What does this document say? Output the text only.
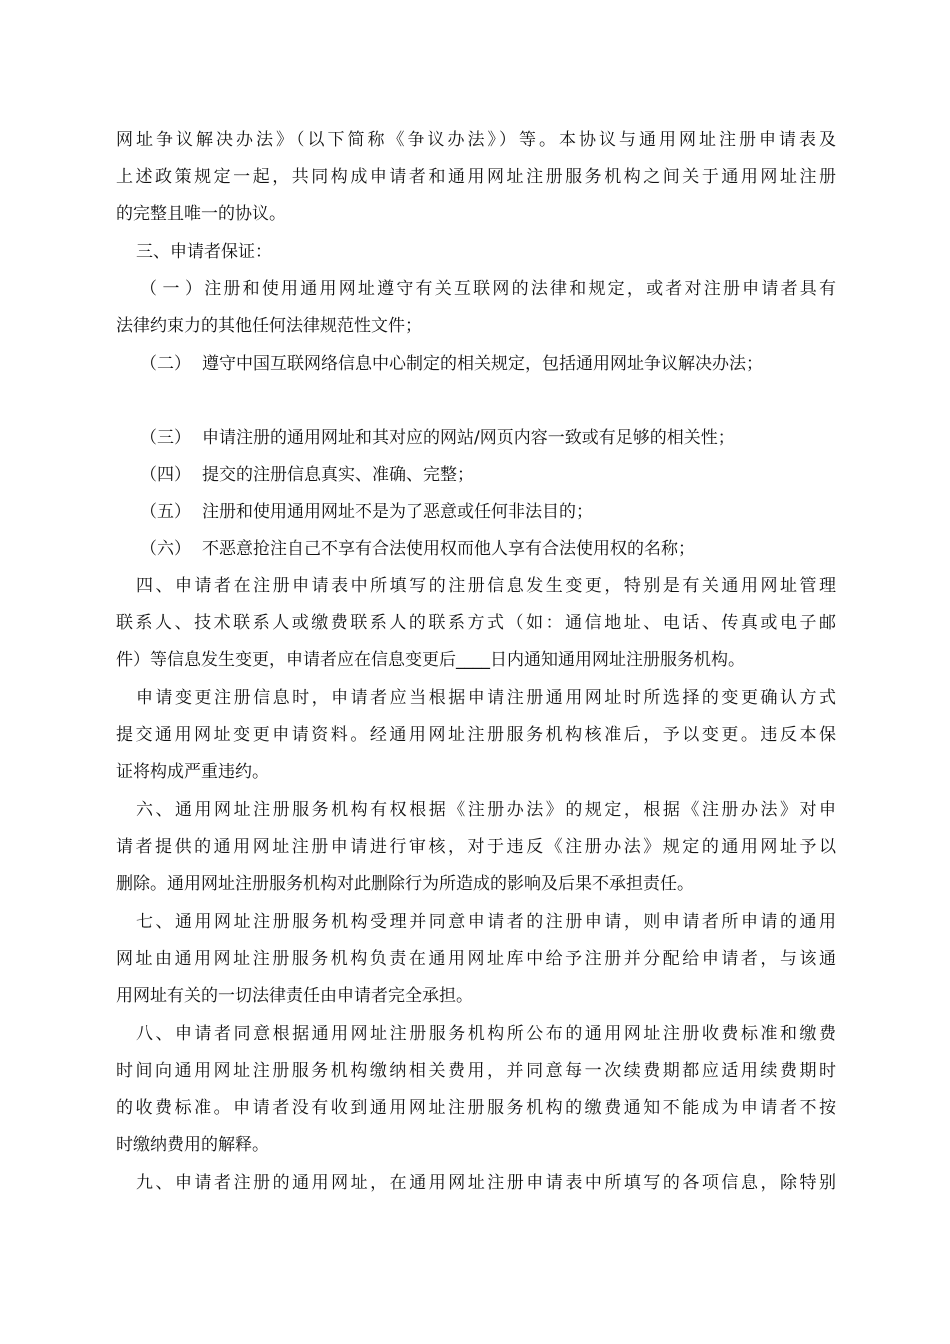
网址争议解决办法》（以下简称《争议办法》）等。本协议与通用网址注册申请表及
上述政策规定一起，共同构成申请者和通用网址注册服务机构之间关于通用网址注册
的完整且唯一的协议。
三、申请者保证：
（一）注册和使用通用网址遵守有关互联网的法律和规定，或者对注册申请者具有
法律约束力的其他任何法律规范性文件；
（二） 遵守中国互联网络信息中心制定的相关规定，包括通用网址争议解决办法；
（三） 申请注册的通用网址和其对应的网站/网页内容一致或有足够的相关性；
（四） 提交的注册信息真实、准确、完整；
（五） 注册和使用通用网址不是为了恶意或任何非法目的；
（六） 不恶意抢注自己不享有合法使用权而他人享有合法使用权的名称；
四、申请者在注册申请表中所填写的注册信息发生变更，特别是有关通用网址管理
联系人、技术联系人或缴费联系人的联系方式（如：通信地址、电话、传真或电子邮
件）等信息发生变更，申请者应在信息变更后____日内通知通用网址注册服务机构。
申请变更注册信息时，申请者应当根据申请注册通用网址时所选择的变更确认方式
提交通用网址变更申请资料。经通用网址注册服务机构核准后，予以变更。违反本保
证将构成严重违约。
六、通用网址注册服务机构有权根据《注册办法》的规定，根据《注册办法》对申
请者提供的通用网址注册申请进行审核，对于违反《注册办法》规定的通用网址予以
删除。通用网址注册服务机构对此删除行为所造成的影响及后果不承担责任。
七、通用网址注册服务机构受理并同意申请者的注册申请，则申请者所申请的通用
网址由通用网址注册服务机构负责在通用网址库中给予注册并分配给申请者，与该通
用网址有关的一切法律责任由申请者完全承担。
八、申请者同意根据通用网址注册服务机构所公布的通用网址注册收费标准和缴费
时间向通用网址注册服务机构缴纳相关费用，并同意每一次续费期都应适用续费期时
的收费标准。申请者没有收到通用网址注册服务机构的缴费通知不能成为申请者不按
时缴纳费用的解释。
九、申请者注册的通用网址，在通用网址注册申请表中所填写的各项信息，除特别
